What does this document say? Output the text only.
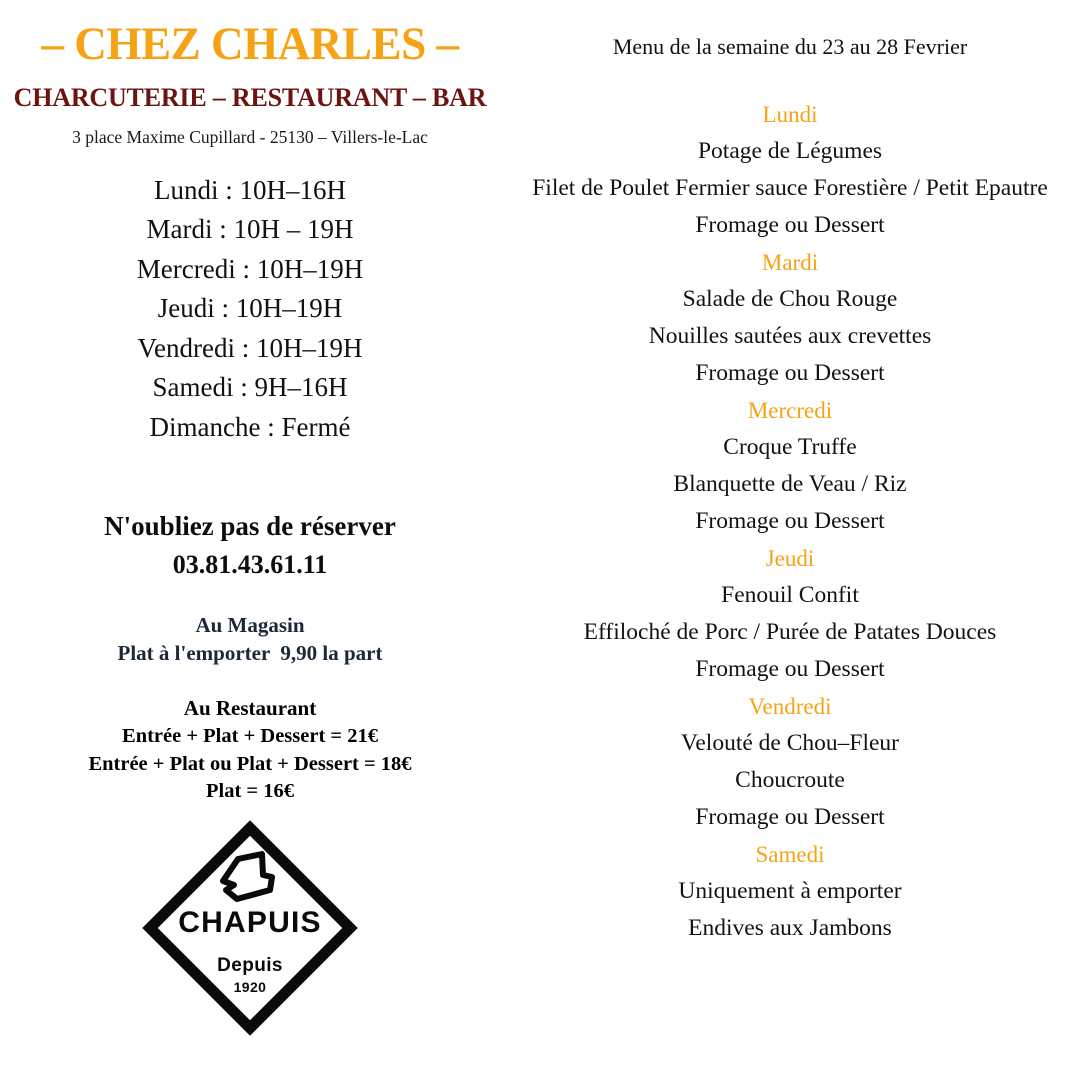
– CHEZ CHARLES –
CHARCUTERIE – RESTAURANT – BAR
3 place Maxime Cupillard - 25130 – Villers-le-Lac
Lundi : 10H–16H
Mardi : 10H – 19H
Mercredi : 10H–19H
Jeudi : 10H–19H
Vendredi : 10H–19H
Samedi : 9H–16H
Dimanche : Fermé
N'oubliez pas de réserver
03.81.43.61.11
Au Magasin
Plat à l'emporter  9,90 la part
Au Restaurant
Entrée + Plat + Dessert = 21€
Entrée + Plat ou Plat + Dessert = 18€
Plat = 16€
CHAPUIS
Depuis
1920
Menu de la semaine du 23 au 28 Fevrier
Lundi
Potage de Légumes
Filet de Poulet Fermier sauce Forestière / Petit Epautre
Fromage ou Dessert
Mardi
Salade de Chou Rouge
Nouilles sautées aux crevettes
Fromage ou Dessert
Mercredi
Croque Truffe
Blanquette de Veau / Riz
Fromage ou Dessert
Jeudi
Fenouil Confit
Effiloché de Porc / Purée de Patates Douces
Fromage ou Dessert
Vendredi
Velouté de Chou–Fleur
Choucroute
Fromage ou Dessert
Samedi
Uniquement à emporter
Endives aux Jambons
